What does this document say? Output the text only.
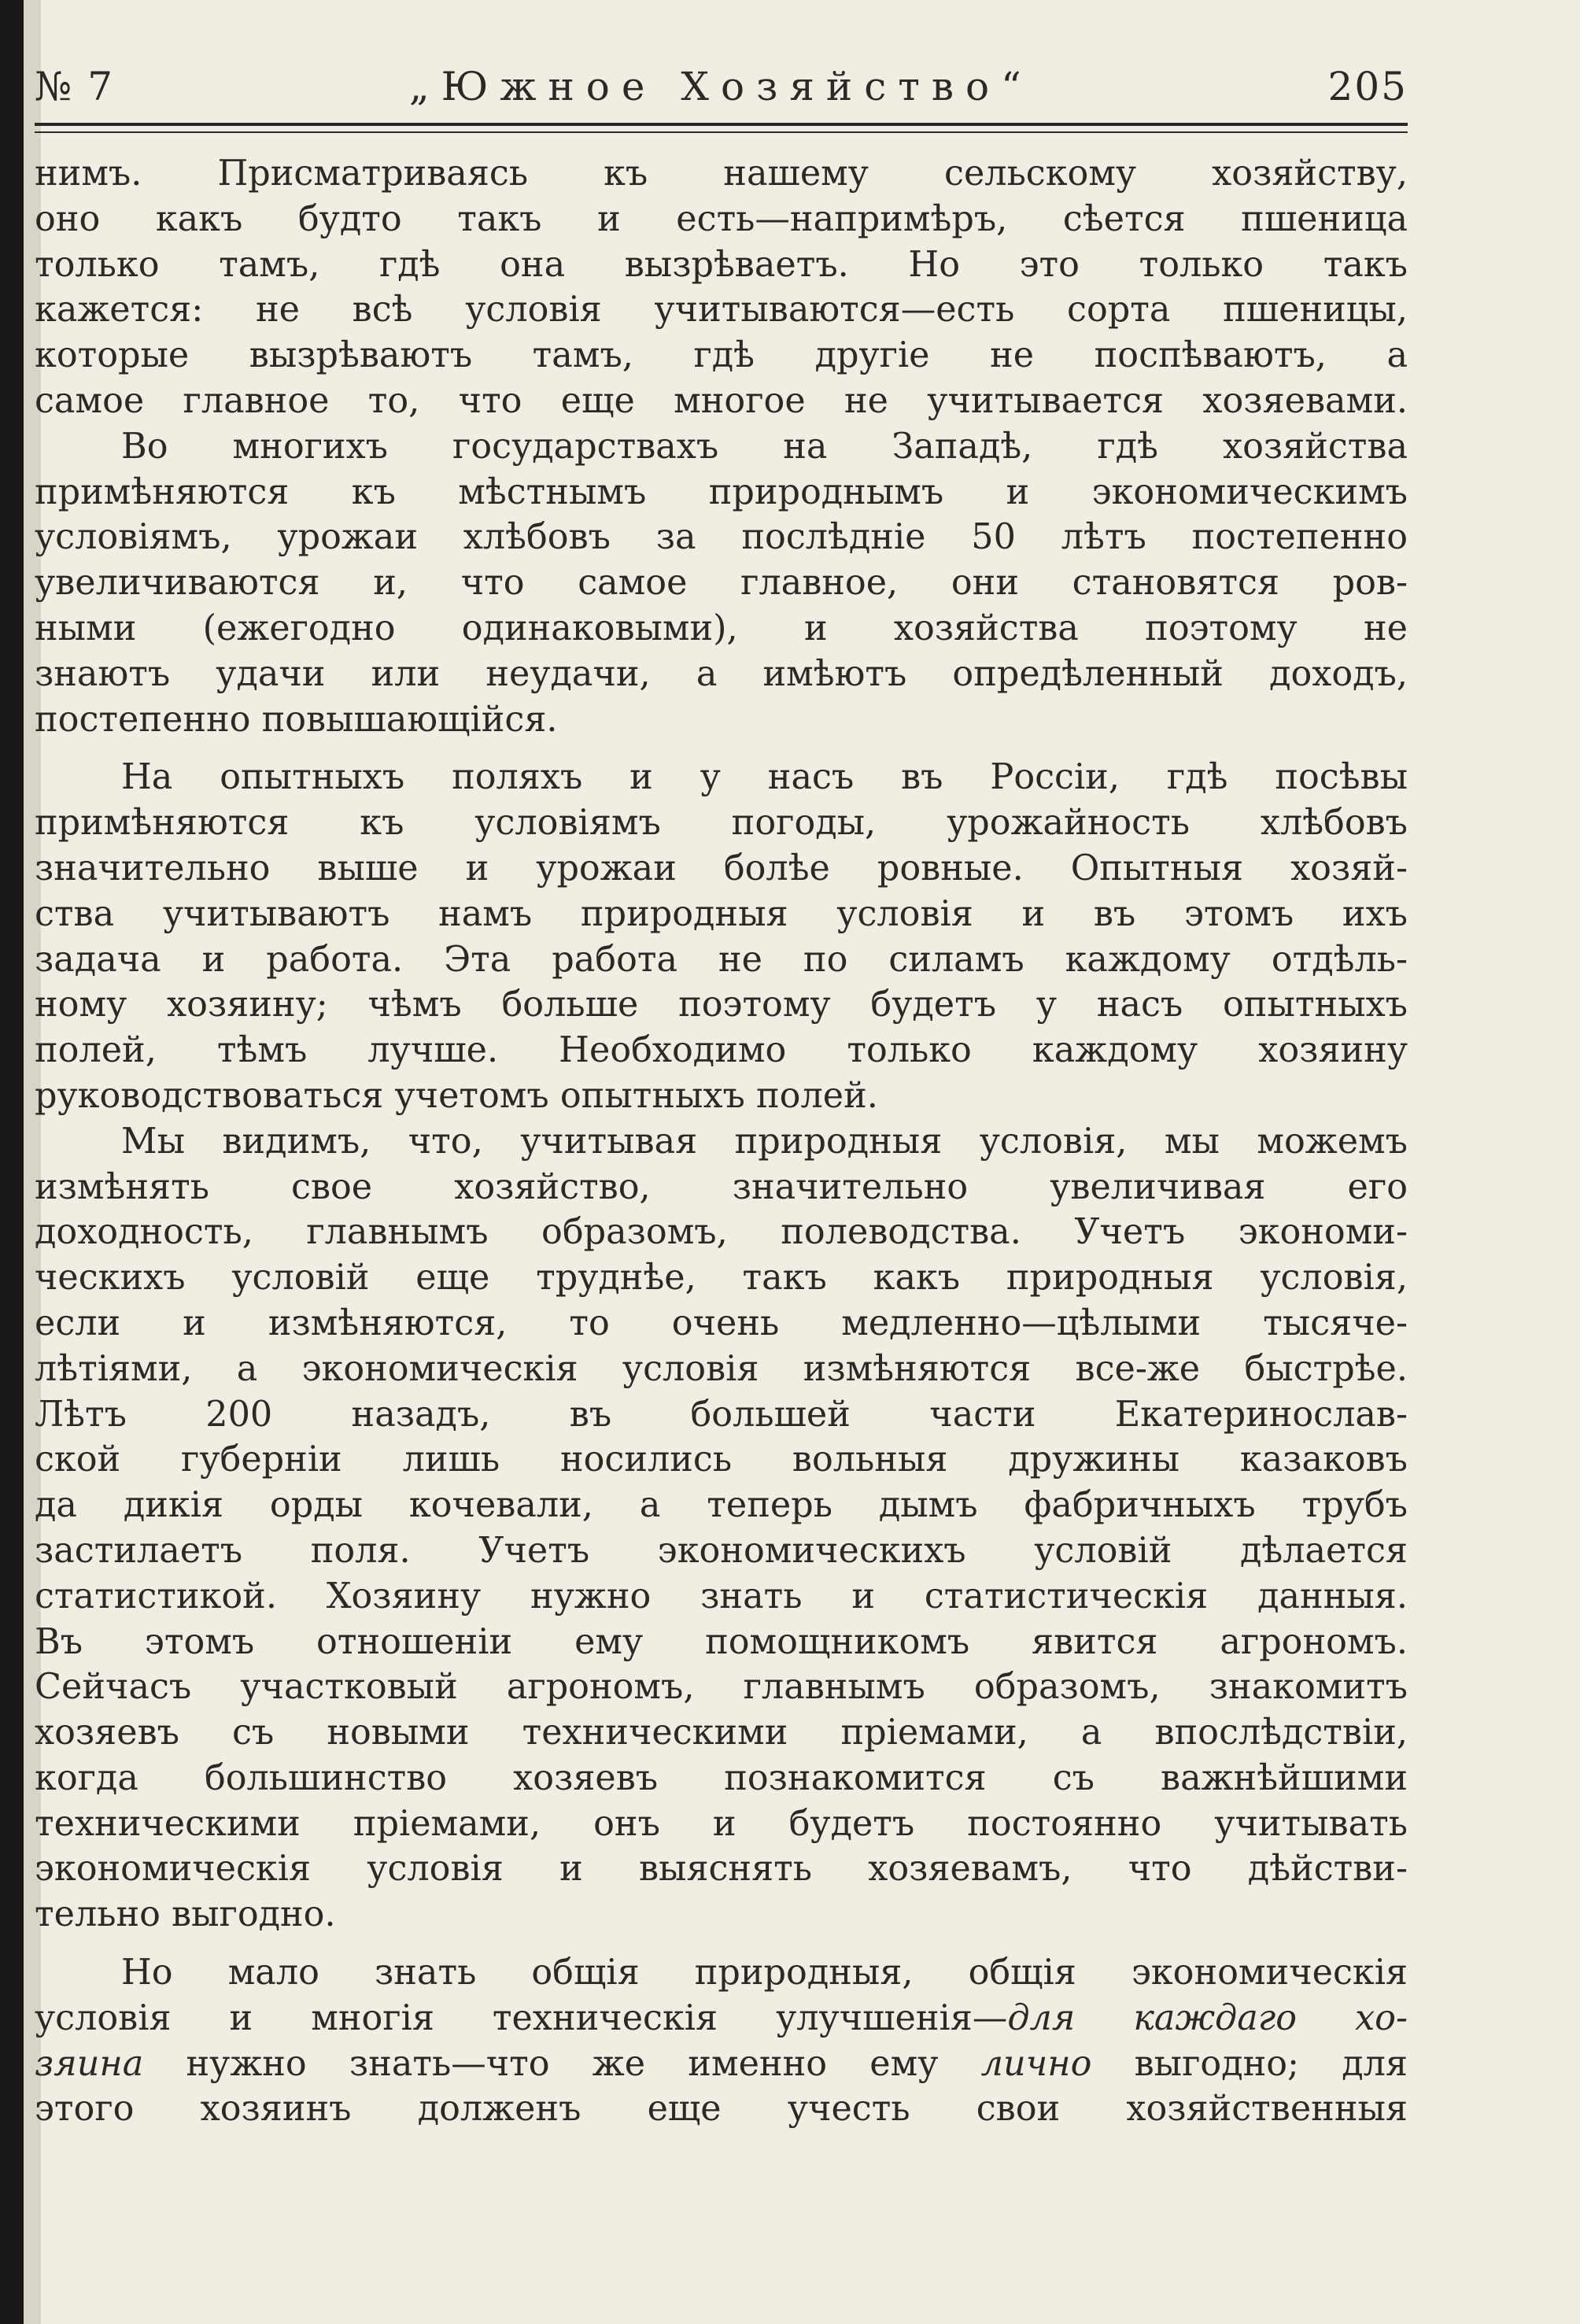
№ 7	„Южное Хозяйство“	205
нимъ. Присматриваясь къ нашему сельскому хозяйству,
оно какъ будто такъ и есть—напримѣръ, сѣется пшеница
только тамъ, гдѣ она вызрѣваетъ. Но это только такъ
кажется: не всѣ условія учитываются—есть сорта пшеницы,
которые вызрѣваютъ тамъ, гдѣ другіе не поспѣваютъ, а
самое главное то, что еще многое не учитывается хозяевами.
Во многихъ государствахъ на Западѣ, гдѣ хозяйства
примѣняются къ мѣстнымъ природнымъ и экономическимъ
условіямъ, урожаи хлѣбовъ за послѣдніе 50 лѣтъ постепенно
увеличиваются и, что самое главное, они становятся ров-
ными (ежегодно одинаковыми), и хозяйства поэтому не
знаютъ удачи или неудачи, а имѣютъ опредѣленный доходъ,
постепенно повышающійся.
На опытныхъ поляхъ и у насъ въ Россіи, гдѣ посѣвы
примѣняются къ условіямъ погоды, урожайность хлѣбовъ
значительно выше и урожаи болѣе ровные. Опытныя хозяй-
ства учитываютъ намъ природныя условія и въ этомъ ихъ
задача и работа. Эта работа не по силамъ каждому отдѣль-
ному хозяину; чѣмъ больше поэтому будетъ у насъ опытныхъ
полей, тѣмъ лучше. Необходимо только каждому хозяину
руководствоваться учетомъ опытныхъ полей.
Мы видимъ, что, учитывая природныя условія, мы можемъ
измѣнять свое хозяйство, значительно увеличивая его
доходность, главнымъ образомъ, полеводства. Учетъ экономи-
ческихъ условій еще труднѣе, такъ какъ природныя условія,
если и измѣняются, то очень медленно—цѣлыми тысяче-
лѣтіями, а экономическія условія измѣняются все-же быстрѣе.
Лѣтъ 200 назадъ, въ большей части Екатеринослав-
ской губерніи лишь носились вольныя дружины казаковъ
да дикія орды кочевали, а теперь дымъ фабричныхъ трубъ
застилаетъ поля. Учетъ экономическихъ условій дѣлается
статистикой. Хозяину нужно знать и статистическія данныя.
Въ этомъ отношеніи ему помощникомъ явится агрономъ.
Сейчасъ участковый агрономъ, главнымъ образомъ, знакомитъ
хозяевъ съ новыми техническими пріемами, а впослѣдствіи,
когда большинство хозяевъ познакомится съ важнѣйшими
техническими пріемами, онъ и будетъ постоянно учитывать
экономическія условія и выяснять хозяевамъ, что дѣйстви-
тельно выгодно.
Но мало знать общія природныя, общія экономическія
условія и многія техническія улучшенія—для каждаго хо-
зяина нужно знать—что же именно ему лично выгодно; для
этого хозяинъ долженъ еще учесть свои хозяйственныя
